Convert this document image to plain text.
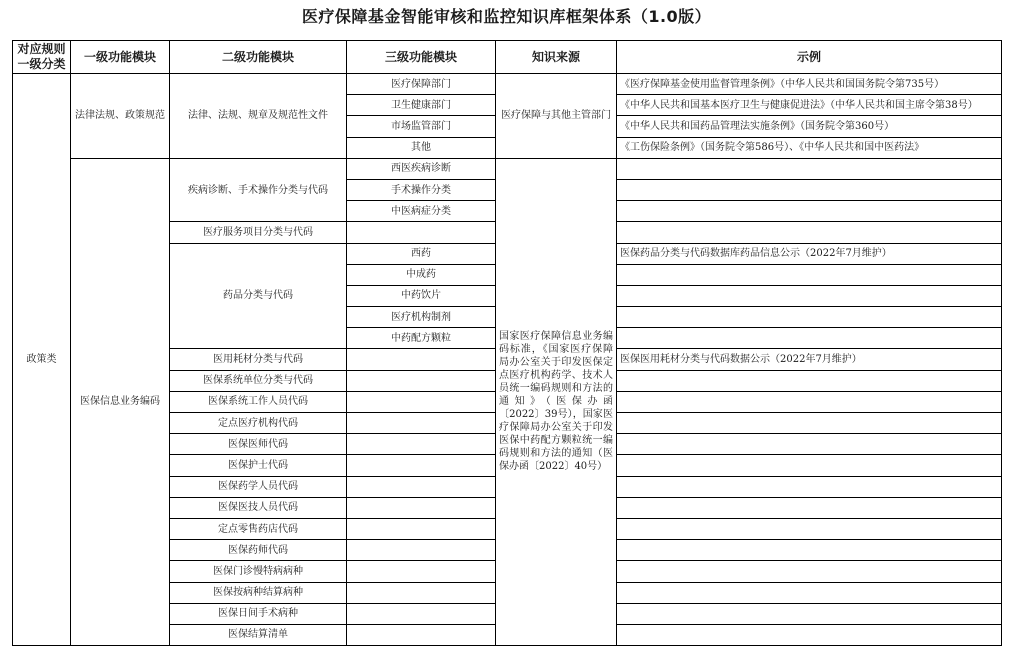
医疗保障基金智能审核和监控知识库框架体系（1.0版）
对应规则一级分类	一级功能模块	二级功能模块	三级功能模块	知识来源	示例
政策类	法律法规、政策规范	法律、法规、规章及规范性文件	医疗保障部门	医疗保障与其他主管部门	《医疗保障基金使用监督管理条例》（中华人民共和国国务院令第735号）
			卫生健康部门		《中华人民共和国基本医疗卫生与健康促进法》（中华人民共和国主席令第38号）
			市场监管部门		《中华人民共和国药品管理法实施条例》（国务院令第360号）
			其他		《工伤保险条例》（国务院令第586号）、《中华人民共和国中医药法》
	医保信息业务编码	疾病诊断、手术操作分类与代码	西医疾病诊断	国家医疗保障信息业务编码标准，《国家医疗保障局办公室关于印发医保定点医疗机构药学、技术人员统一编码规则和方法的通知》（医保办函〔2022〕39号），国家医疗保障局办公室关于印发医保中药配方颗粒统一编码规则和方法的通知（医保办函〔2022〕40号）	
			手术操作分类		
			中医病症分类		
		医疗服务项目分类与代码			
		药品分类与代码	西药		医保药品分类与代码数据库药品信息公示（2022年7月维护）
			中成药		
			中药饮片		
			医疗机构制剂		
			中药配方颗粒		
		医用耗材分类与代码			医保医用耗材分类与代码数据公示（2022年7月维护）
		医保系统单位分类与代码			
		医保系统工作人员代码			
		定点医疗机构代码			
		医保医师代码			
		医保护士代码			
		医保药学人员代码			
		医保医技人员代码			
		定点零售药店代码			
		医保药师代码			
		医保门诊慢特病病种			
		医保按病种结算病种			
		医保日间手术病种			
		医保结算清单			
